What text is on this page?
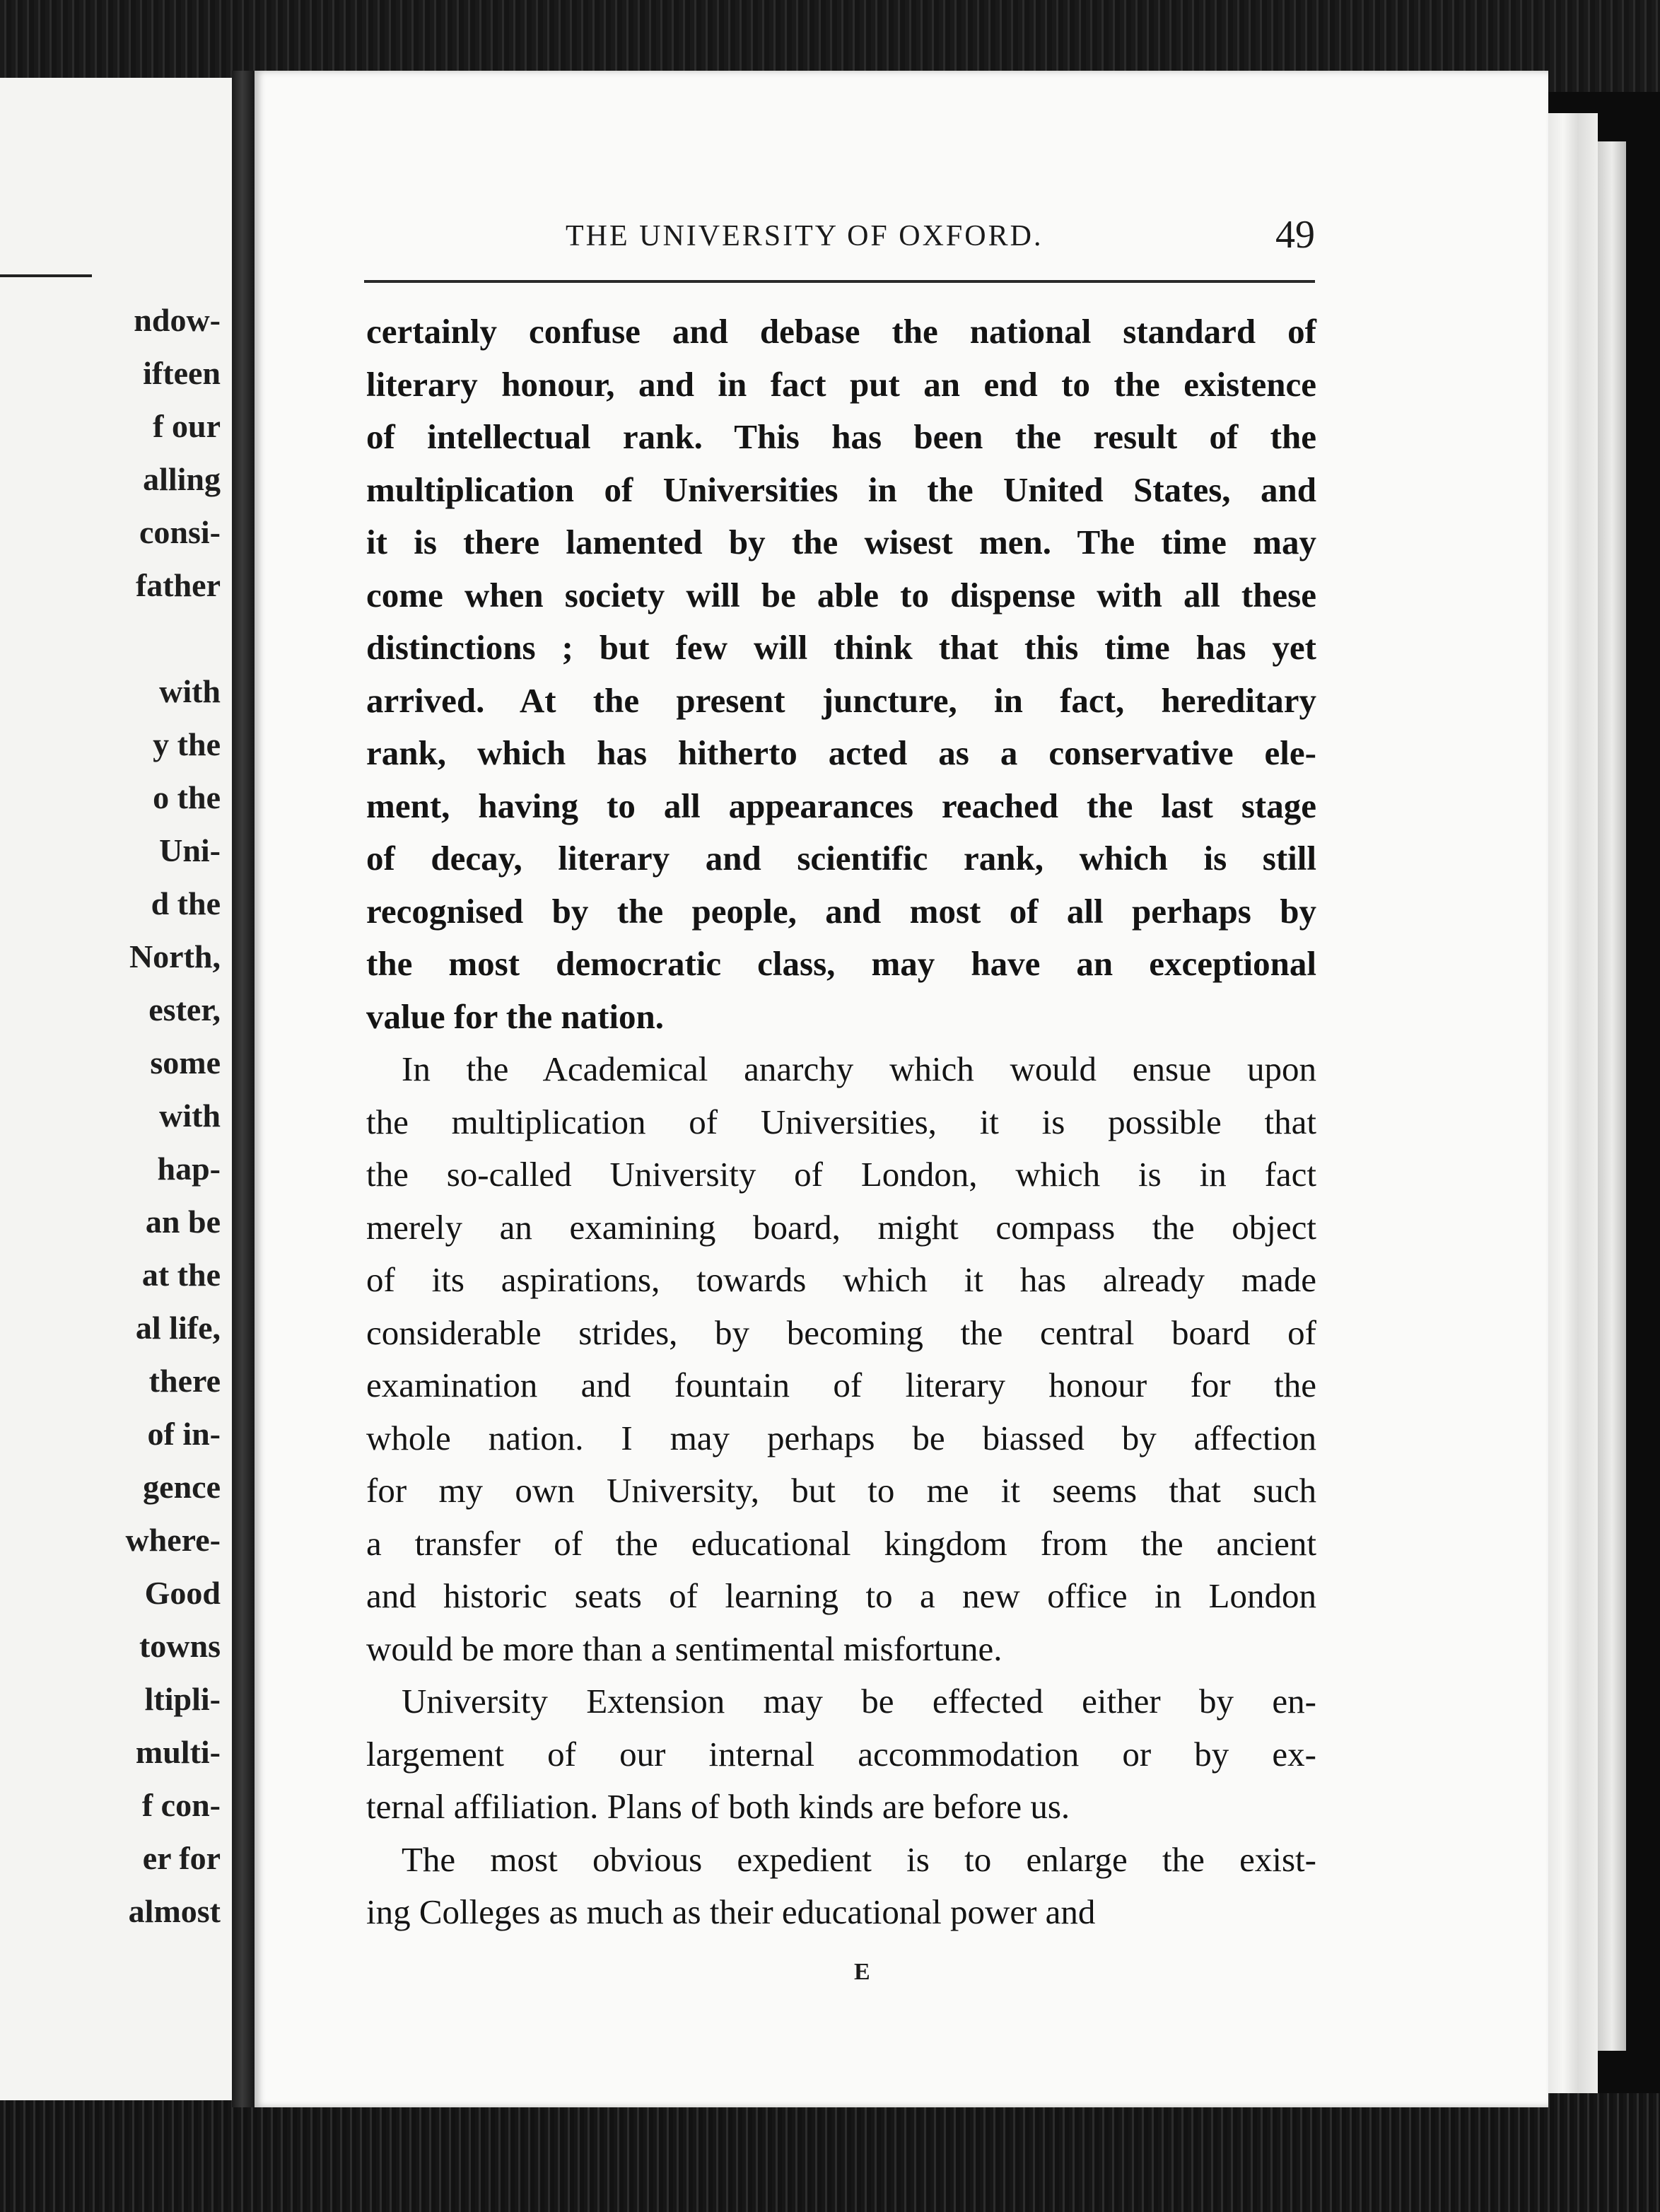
ndow-
ifteen
f our
alling
consi-
father
with
y the
o the
Uni-
d the
North,
ester,
some
with
hap-
an be
at the
al life,
there
of in-
gence
where-
Good
towns
ltipli-
multi-
f con-
er for
almost
THE UNIVERSITY OF OXFORD.	49
certainly confuse and debase the national standard of
literary honour, and in fact put an end to the existence
of intellectual rank. This has been the result of the
multiplication of Universities in the United States, and
it is there lamented by the wisest men. The time may
come when society will be able to dispense with all these
distinctions ; but few will think that this time has yet
arrived. At the present juncture, in fact, hereditary
rank, which has hitherto acted as a conservative ele-
ment, having to all appearances reached the last stage
of decay, literary and scientific rank, which is still
recognised by the people, and most of all perhaps by
the most democratic class, may have an exceptional
value for the nation.
In the Academical anarchy which would ensue upon
the multiplication of Universities, it is possible that
the so-called University of London, which is in fact
merely an examining board, might compass the object
of its aspirations, towards which it has already made
considerable strides, by becoming the central board of
examination and fountain of literary honour for the
whole nation. I may perhaps be biassed by affection
for my own University, but to me it seems that such
a transfer of the educational kingdom from the ancient
and historic seats of learning to a new office in London
would be more than a sentimental misfortune.
University Extension may be effected either by en-
largement of our internal accommodation or by ex-
ternal affiliation. Plans of both kinds are before us.
The most obvious expedient is to enlarge the exist-
ing Colleges as much as their educational power and
E
